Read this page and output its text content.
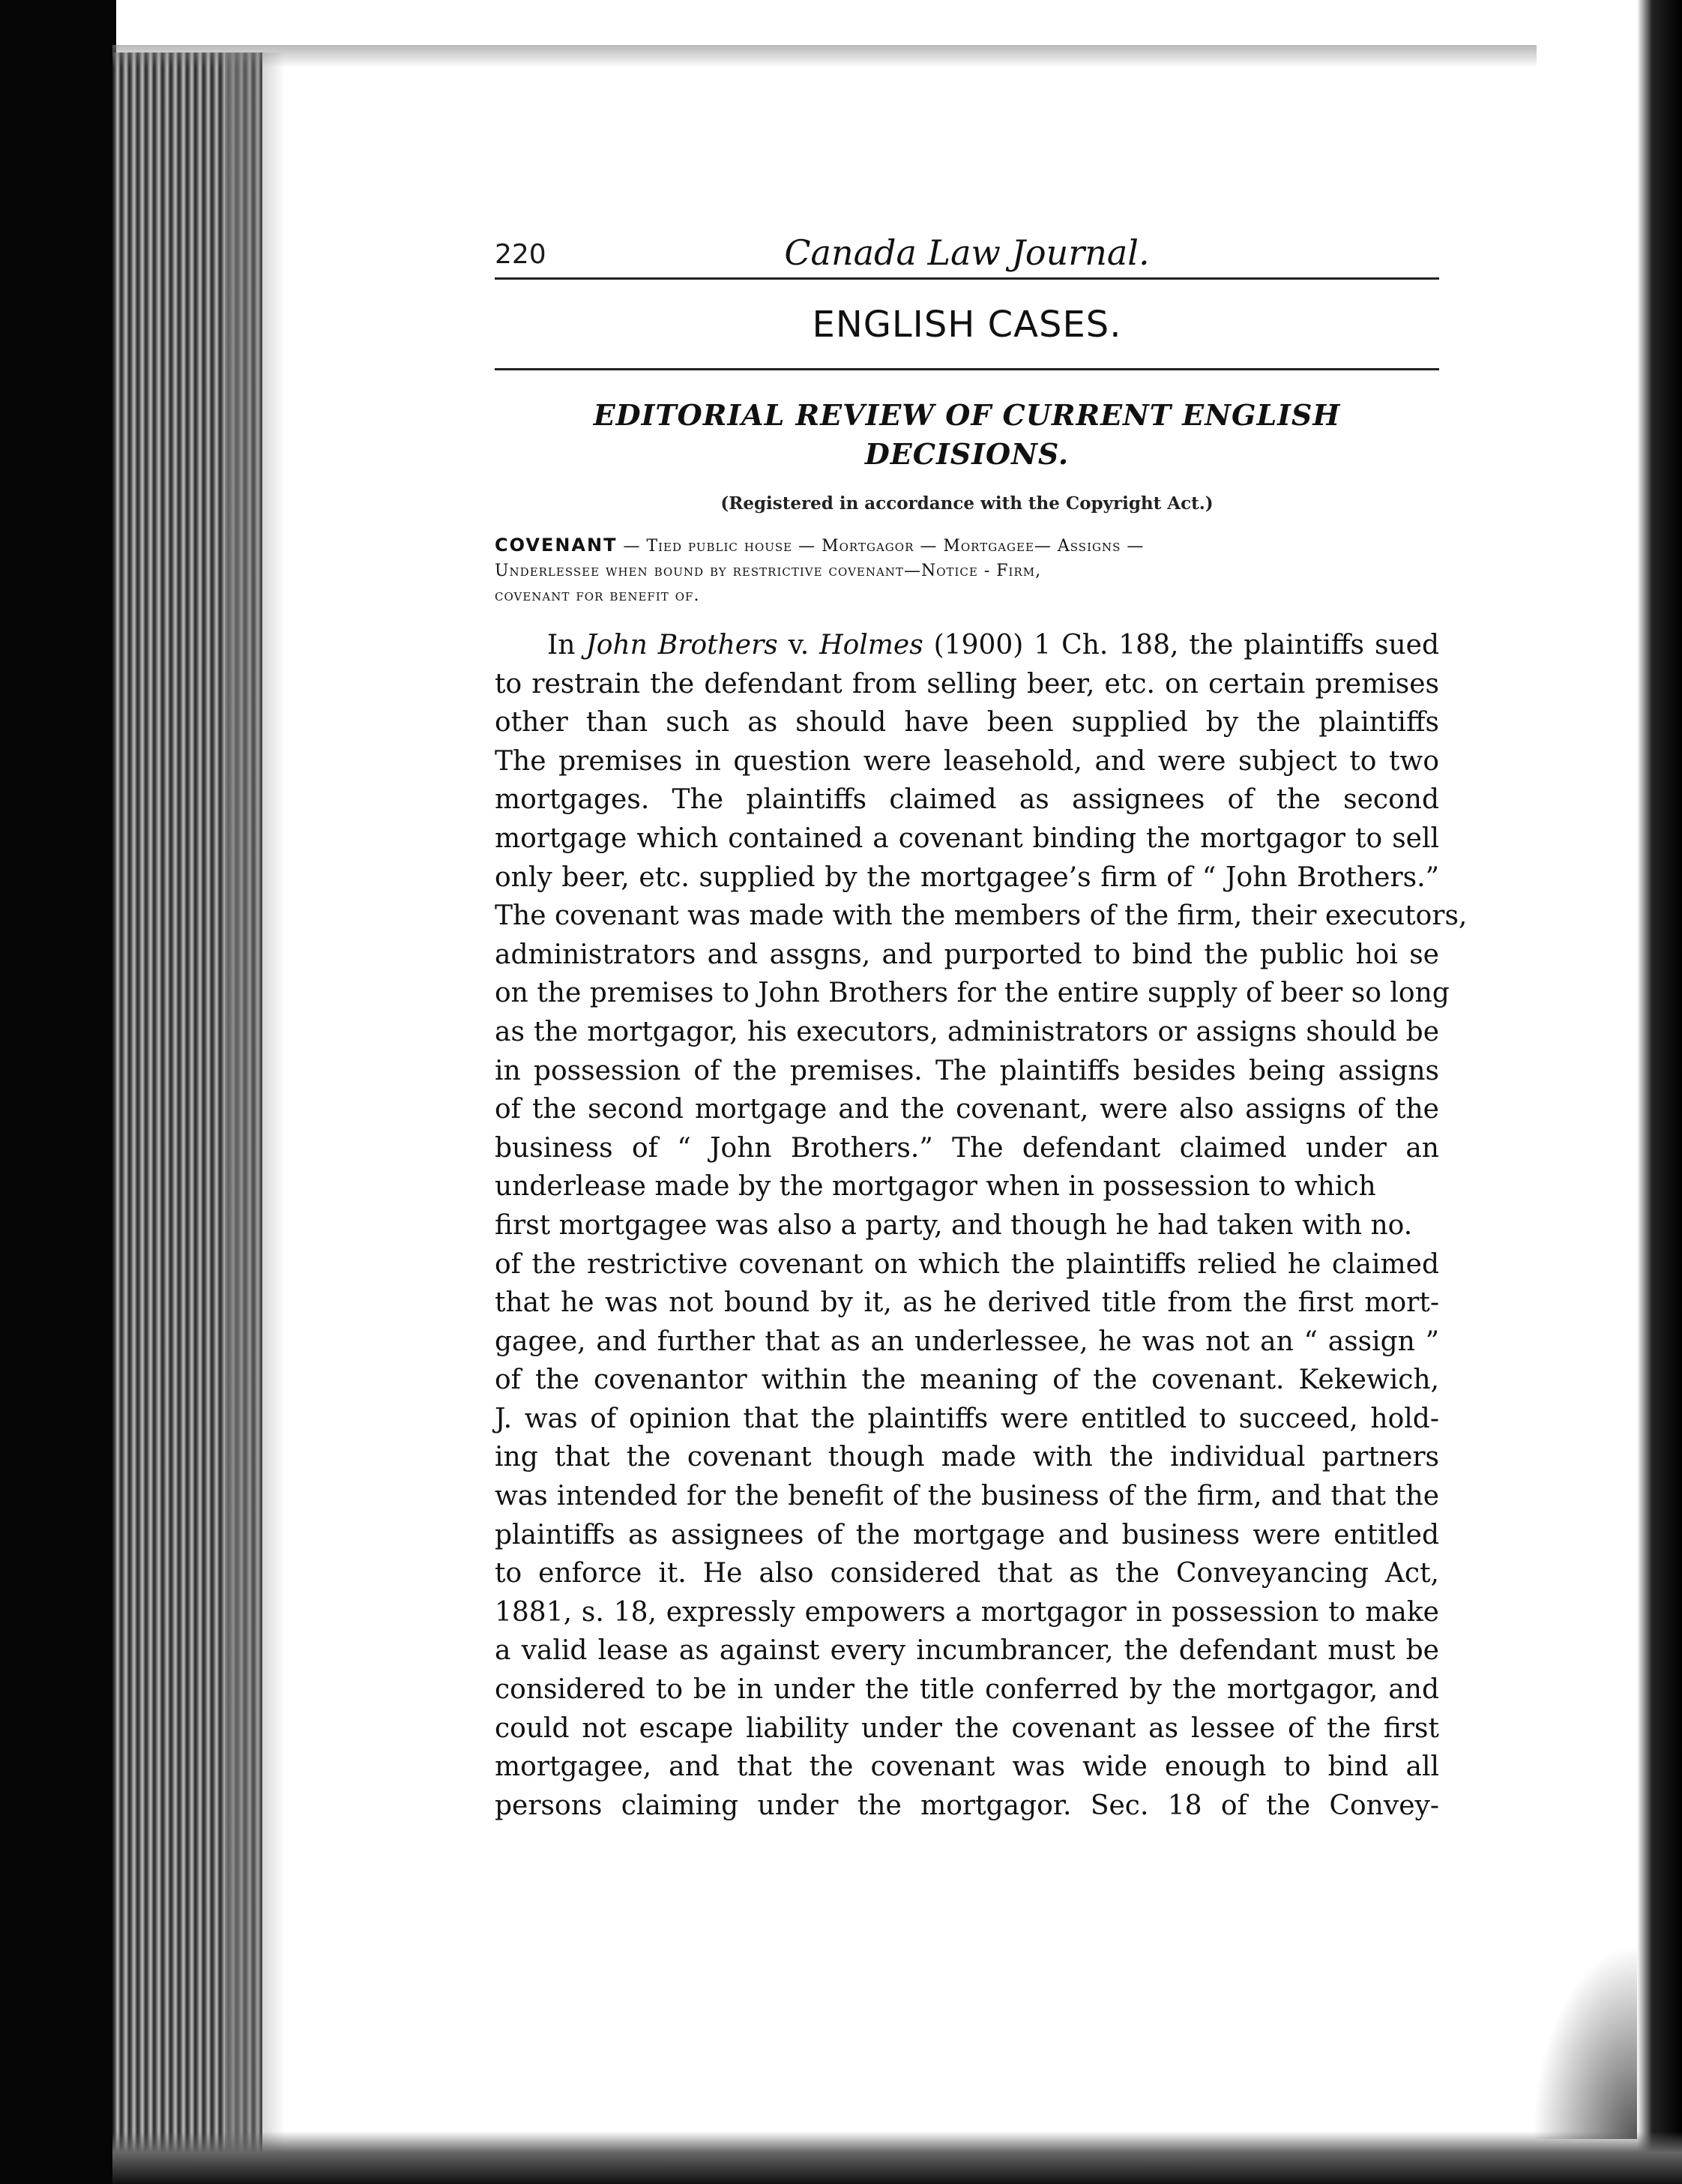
220	Canada Law Journal.
ENGLISH CASES.
EDITORIAL REVIEW OF CURRENT ENGLISH
DECISIONS.
(Registered in accordance with the Copyright Act.)
COVENANT — Tied public house — Mortgagor — Mortgagee— Assigns —
Underlessee when bound by restrictive covenant—Notice - Firm,
covenant for benefit of.
In John Brothers v. Holmes (1900) 1 Ch. 188, the plaintiffs sued
to restrain the defendant from selling beer, etc. on certain premises
other than such as should have been supplied by the plaintiffs
The premises in question were leasehold, and were subject to two
mortgages. The plaintiffs claimed as assignees of the second
mortgage which contained a covenant binding the mortgagor to sell
only beer, etc. supplied by the mortgagee’s firm of “ John Brothers.”
The covenant was made with the members of the firm, their executors,
administrators and assgns, and purported to bind the public hoi se
on the premises to John Brothers for the entire supply of beer so long
as the mortgagor, his executors, administrators or assigns should be
in possession of the premises. The plaintiffs besides being assigns
of the second mortgage and the covenant, were also assigns of the
business of “ John Brothers.” The defendant claimed under an
underlease made by the mortgagor when in possession to which
first mortgagee was also a party, and though he had taken with no.
of the restrictive covenant on which the plaintiffs relied he claimed
that he was not bound by it, as he derived title from the first mort-
gagee, and further that as an underlessee, he was not an “ assign ”
of the covenantor within the meaning of the covenant. Kekewich,
J. was of opinion that the plaintiffs were entitled to succeed, hold-
ing that the covenant though made with the individual partners
was intended for the benefit of the business of the firm, and that the
plaintiffs as assignees of the mortgage and business were entitled
to enforce it. He also considered that as the Conveyancing Act,
1881, s. 18, expressly empowers a mortgagor in possession to make
a valid lease as against every incumbrancer, the defendant must be
considered to be in under the title conferred by the mortgagor, and
could not escape liability under the covenant as lessee of the first
mortgagee, and that the covenant was wide enough to bind all
persons claiming under the mortgagor. Sec. 18 of the Convey-
